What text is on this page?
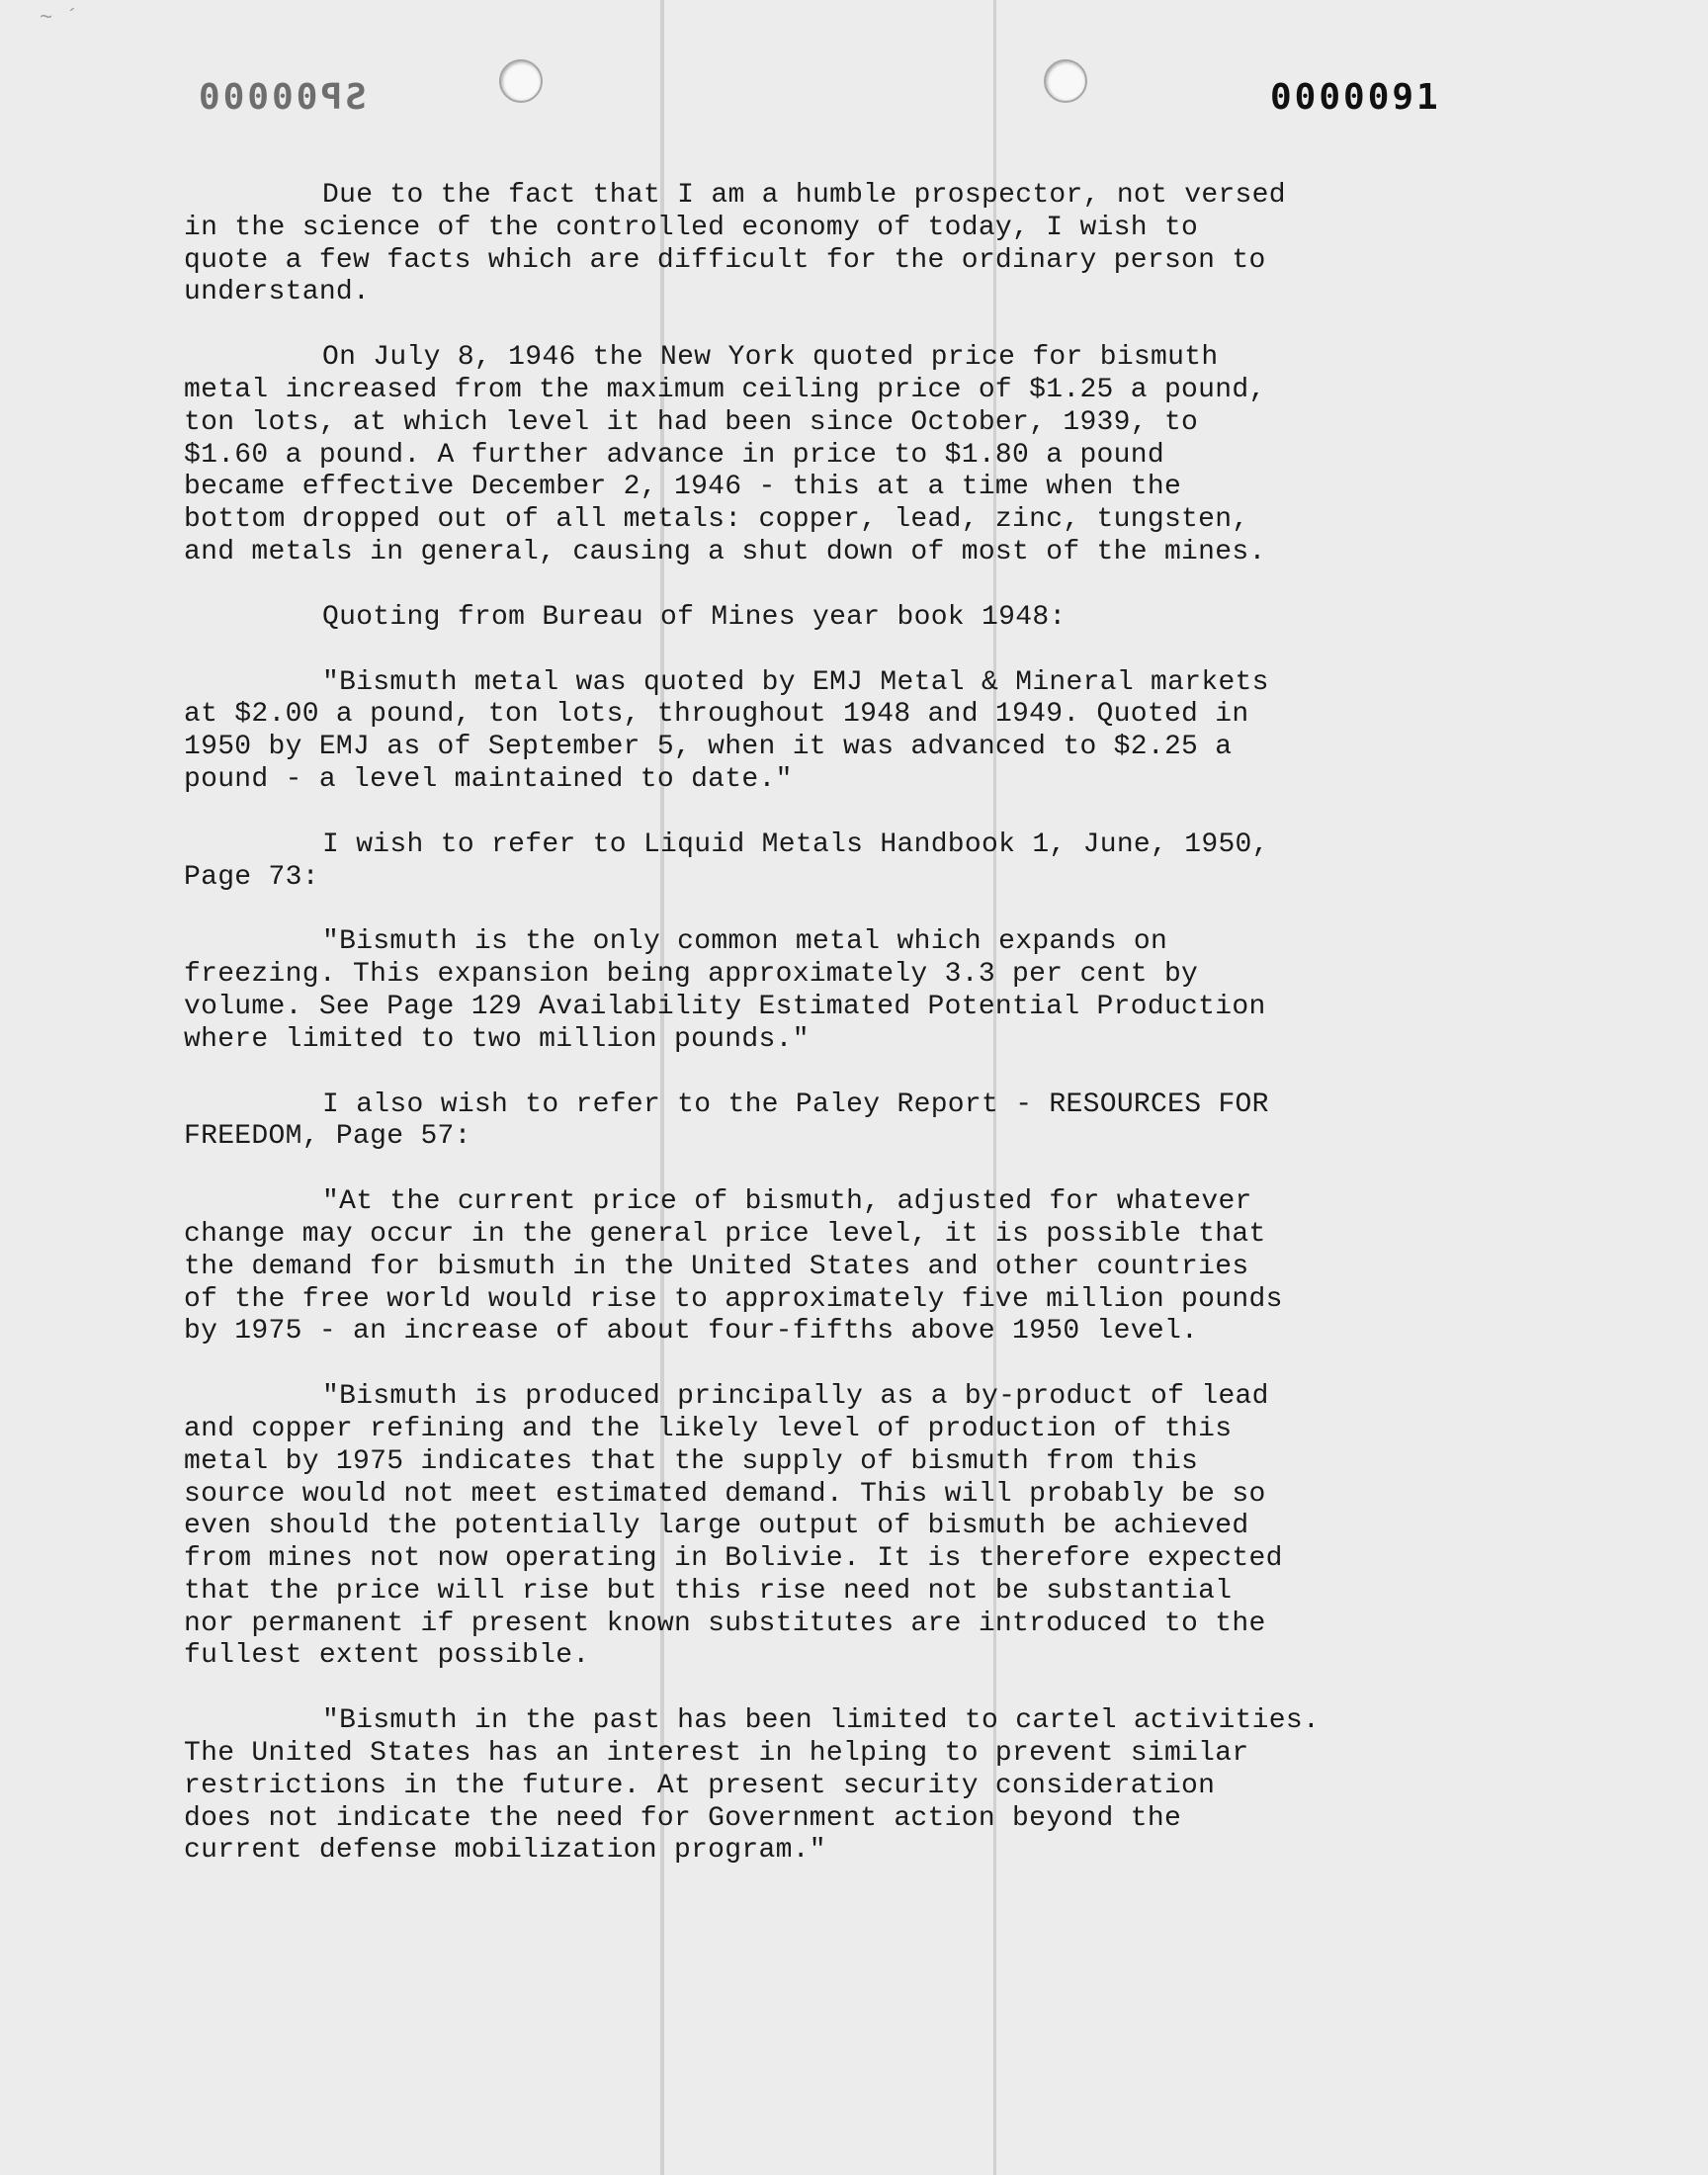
~ ´
SP00000	0000091

Due to the fact that I am a humble prospector, not versed
in the science of the controlled economy of today, I wish to
quote a few facts which are difficult for the ordinary person to
understand.

On July 8, 1946 the New York quoted price for bismuth
metal increased from the maximum ceiling price of $1.25 a pound,
ton lots, at which level it had been since October, 1939, to
$1.60 a pound. A further advance in price to $1.80 a pound
became effective December 2, 1946 - this at a time when the
bottom dropped out of all metals: copper, lead, zinc, tungsten,
and metals in general, causing a shut down of most of the mines.

Quoting from Bureau of Mines year book 1948:

"Bismuth metal was quoted by EMJ Metal & Mineral markets
at $2.00 a pound, ton lots, throughout 1948 and 1949. Quoted in
1950 by EMJ as of September 5, when it was advanced to $2.25 a
pound - a level maintained to date."

I wish to refer to Liquid Metals Handbook 1, June, 1950,
Page 73:

"Bismuth is the only common metal which expands on
freezing. This expansion being approximately 3.3 per cent by
volume. See Page 129 Availability Estimated Potential Production
where limited to two million pounds."

I also wish to refer to the Paley Report - RESOURCES FOR
FREEDOM, Page 57:

"At the current price of bismuth, adjusted for whatever
change may occur in the general price level, it is possible that
the demand for bismuth in the United States and other countries
of the free world would rise to approximately five million pounds
by 1975 - an increase of about four-fifths above 1950 level.

"Bismuth is produced principally as a by-product of lead
and copper refining and the likely level of production of this
metal by 1975 indicates that the supply of bismuth from this
source would not meet estimated demand. This will probably be so
even should the potentially large output of bismuth be achieved
from mines not now operating in Bolivie. It is therefore expected
that the price will rise but this rise need not be substantial
nor permanent if present known substitutes are introduced to the
fullest extent possible.

"Bismuth in the past has been limited to cartel activities.
The United States has an interest in helping to prevent similar
restrictions in the future. At present security consideration
does not indicate the need for Government action beyond the
current defense mobilization program."
